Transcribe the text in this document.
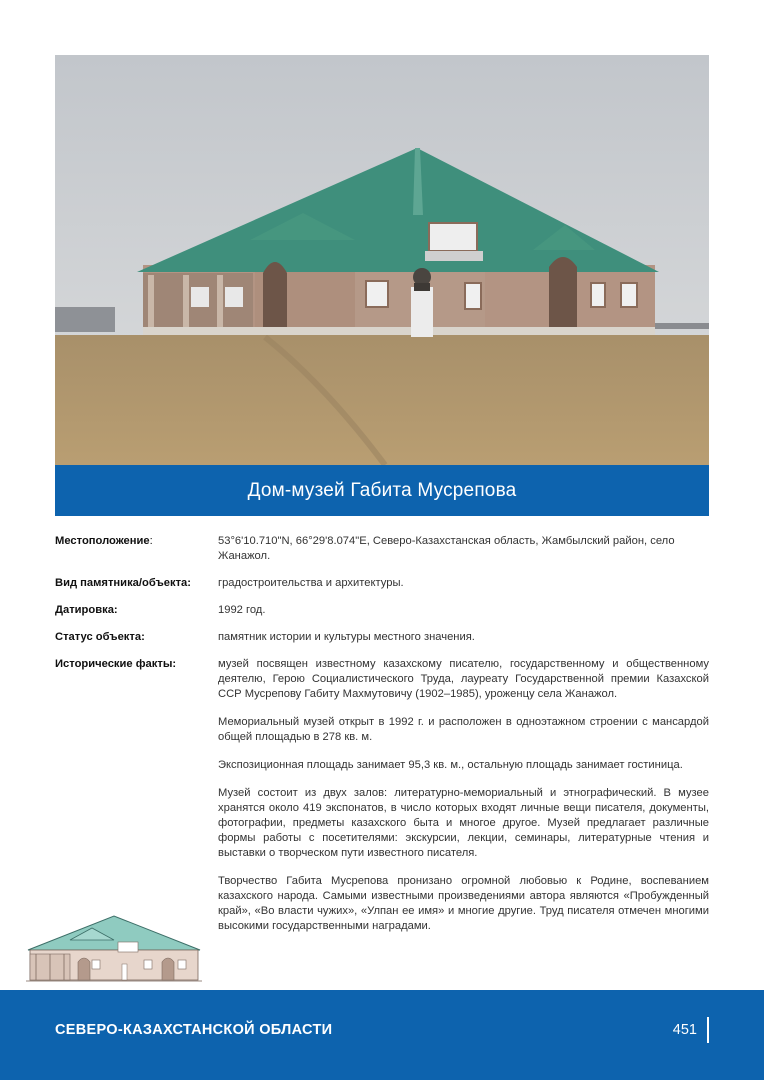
Дом-музей Габита Мусрепова
Местоположение:	53°6'10.710"N, 66°29'8.074"E, Северо-Казахстанская область, Жамбылский район, село Жанажол.

Вид памятника/объекта:	градостроительства и архитектуры.

Датировка:	1992 год.

Статус объекта:	памятник истории и культуры местного значения.

Исторические факты:	музей посвящен известному казахскому писателю, государственному и общественному деятелю, Герою Социалистического Труда, лауреату Государственной премии Казахской ССР Мусрепову Габиту Махмутовичу (1902–1985), уроженцу села Жанажол.

Мемориальный музей открыт в 1992 г. и расположен в одноэтажном строении с мансардой общей площадью в 278 кв. м.

Экспозиционная площадь занимает 95,3 кв. м., остальную площадь занимает гостиница.

Музей состоит из двух залов: литературно-мемориальный и этнографический. В музее хранятся около 419 экспонатов, в число которых входят личные вещи писателя, документы, фотографии, предметы казахского быта и многое другое. Музей предлагает различные формы работы с посетителями: экскурсии, лекции, семинары, литературные чтения и выставки о творческом пути известного писателя.

Творчество Габита Мусрепова пронизано огромной любовью к Родине, воспеванием казахского народа. Самыми известными произведениями автора являются «Пробужденный край», «Во власти чужих», «Улпан ее имя» и многие другие. Труд писателя отмечен многими высокими государственными наградами.

СЕВЕРО-КАЗАХСТАНСКОЙ ОБЛАСТИ	451
